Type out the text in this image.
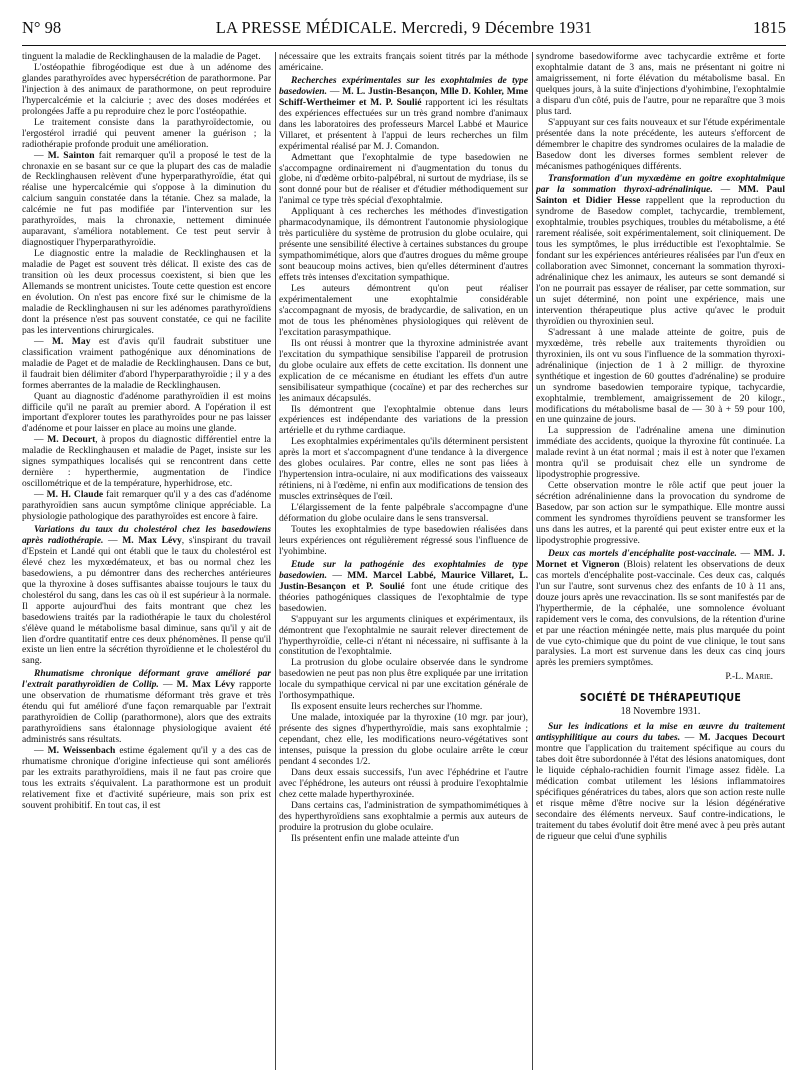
N° 98	LA PRESSE MÉDICALE. Mercredi, 9 Décembre 1931	1815

tinguent la maladie de Recklinghausen de la maladie de Paget.

L'ostéopathie fibrogéodique est due à un adénome des glandes parathyroïdes avec hypersécrétion de parathormone. Par l'injection à des animaux de parathormone, on peut reproduire l'hypercalcémie et la calciurie ; avec des doses modérées et prolongées Jaffe a pu reproduire chez le porc l'ostéopathie.

Le traitement consiste dans la parathyroïdectomie, ou l'ergostérol irradié qui peuvent amener la guérison ; la radiothérapie profonde produit une amélioration.

— M. Sainton fait remarquer qu'il a proposé le test de la chronaxie en se basant sur ce que la plupart des cas de maladie de Recklinghausen relèvent d'une hyperparathyroïdie, état qui réalise une hypercalcémie qui s'oppose à la diminution du calcium sanguin constatée dans la tétanie. Chez sa malade, la calcémie ne fut pas modifiée par l'intervention sur les parathyroïdes, mais la chronaxie, nettement diminuée auparavant, s'améliora notablement. Ce test peut servir à diagnostiquer l'hyperparathyroïdie.

Le diagnostic entre la maladie de Recklinghausen et la maladie de Paget est souvent très délicat. Il existe des cas de transition où les deux processus coexistent, si bien que les Allemands se montrent unicistes. Toute cette question est encore en évolution. On n'est pas encore fixé sur le chimisme de la maladie de Recklinghausen ni sur les adénomes parathyroïdiens dont la présence n'est pas souvent constatée, ce qui ne facilite pas les interventions chirurgicales.

— M. May est d'avis qu'il faudrait substituer une classification vraiment pathogénique aux dénominations de maladie de Paget et de maladie de Recklinghausen. Dans ce but, il faudrait bien délimiter d'abord l'hyperparathyroïdie ; il y a des formes aberrantes de la maladie de Recklinghausen.

Quant au diagnostic d'adénome parathyroïdien il est moins difficile qu'il ne paraît au premier abord. A l'opération il est important d'explorer toutes les parathyroïdes pour ne pas laisser d'adénome et pour laisser en place au moins une glande.

— M. Decourt, à propos du diagnostic différentiel entre la maladie de Recklinghausen et maladie de Paget, insiste sur les signes sympathiques localisés qui se rencontrent dans cette dernière : hyperthermie, augmentation de l'indice oscillométrique et de la température, hyperhidrose, etc.

— M. H. Claude fait remarquer qu'il y a des cas d'adénome parathyroïdien sans aucun symptôme clinique appréciable. La physiologie pathologique des parathyroïdes est encore à faire.

Variations du taux du cholestérol chez les basedowiens après radiothérapie. — M. Max Lévy, s'inspirant du travail d'Epstein et Landé qui ont établi que le taux du cholestérol est élevé chez les myxœdémateux, et bas ou normal chez les basedowiens, a pu démontrer dans des recherches antérieures que la thyroxine à doses suffisantes abaisse toujours le taux du cholestérol du sang, dans les cas où il est supérieur à la normale. Il apporte aujourd'hui des faits montrant que chez les basedowiens traités par la radiothérapie le taux du cholestérol s'élève quand le métabolisme basal diminue, sans qu'il y ait de lien d'ordre quantitatif entre ces deux phénomènes. Il pense qu'il existe un lien entre la sécrétion thyroïdienne et le cholestérol du sang.

Rhumatisme chronique déformant grave amélioré par l'extrait parathyroïdien de Collip. — M. Max Lévy rapporte une observation de rhumatisme déformant très grave et très étendu qui fut amélioré d'une façon remarquable par l'extrait parathyroïdien de Collip (parathormone), alors que des extraits parathyroïdiens sans étalonnage physiologique avaient été administrés sans résultats.

— M. Weissenbach estime également qu'il y a des cas de rhumatisme chronique d'origine infectieuse qui sont améliorés par les extraits parathyroïdiens, mais il ne faut pas croire que tous les extraits s'équivalent. La parathormone est un produit relativement fixe et d'activité supérieure, mais son prix est souvent prohibitif. En tout cas, il est

nécessaire que les extraits français soient titrés par la méthode américaine.

Recherches expérimentales sur les exophtalmies de type basedowien. — M. L. Justin-Besançon, Mlle D. Kohler, Mme Schiff-Wertheimer et M. P. Soulié rapportent ici les résultats des expériences effectuées sur un très grand nombre d'animaux dans les laboratoires des professeurs Marcel Labbé et Maurice Villaret, et présentent à l'appui de leurs recherches un film expérimental réalisé par M. J. Comandon.

Admettant que l'exophtalmie de type basedowien ne s'accompagne ordinairement ni d'augmentation du tonus du globe, ni d'œdème orbito-palpébral, ni surtout de mydriase, ils se sont donné pour but de réaliser et d'étudier méthodiquement sur l'animal ce type très spécial d'exophtalmie.

Appliquant à ces recherches les méthodes d'investigation pharmacodynamique, ils démontrent l'autonomie physiologique très particulière du système de protrusion du globe oculaire, qui présente une sensibilité élective à certaines substances du groupe sympathomimétique, alors que d'autres drogues du même groupe sont beaucoup moins actives, bien qu'elles déterminent d'autres effets très intenses d'excitation sympathique.

Les auteurs démontrent qu'on peut réaliser expérimentalement une exophtalmie considérable s'accompagnant de myosis, de bradycardie, de salivation, en un mot de tous les phénomènes physiologiques qui relèvent de l'excitation parasympathique.

Ils ont réussi à montrer que la thyroxine administrée avant l'excitation du sympathique sensibilise l'appareil de protrusion du globe oculaire aux effets de cette excitation. Ils donnent une explication de ce mécanisme en étudiant les effets d'un autre sensibilisateur sympathique (cocaïne) et par des recherches sur les animaux décapsulés.

Ils démontrent que l'exophtalmie obtenue dans leurs expériences est indépendante des variations de la pression artérielle et du rythme cardiaque.

Les exophtalmies expérimentales qu'ils déterminent persistent après la mort et s'accompagnent d'une tendance à la divergence des globes oculaires. Par contre, elles ne sont pas liées à l'hypertension intra-oculaire, ni aux modifications des vaisseaux rétiniens, ni à l'œdème, ni enfin aux modifications de tension des muscles extrinsèques de l'œil.

L'élargissement de la fente palpébrale s'accompagne d'une déformation du globe oculaire dans le sens transversal.

Toutes les exophtalmies de type basedowien réalisées dans leurs expériences ont régulièrement régressé sous l'influence de l'yohimbine.

Etude sur la pathogénie des exophtalmies de type basedowien. — MM. Marcel Labbé, Maurice Villaret, L. Justin-Besançon et P. Soulié font une étude critique des théories pathogéniques classiques de l'exophtalmie de type basedowien.

S'appuyant sur les arguments cliniques et expérimentaux, ils démontrent que l'exophtalmie ne saurait relever directement de l'hyperthyroïdie, celle-ci n'étant ni nécessaire, ni suffisante à la constitution de l'exophtalmie.

La protrusion du globe oculaire observée dans le syndrome basedowien ne peut pas non plus être expliquée par une irritation locale du sympathique cervical ni par une excitation générale de l'orthosympathique.

Ils exposent ensuite leurs recherches sur l'homme.

Une malade, intoxiquée par la thyroxine (10 mgr. par jour), présente des signes d'hyperthyroïdie, mais sans exophtalmie ; cependant, chez elle, les modifications neuro-végétatives sont intenses, puisque la pression du globe oculaire arrête le cœur pendant 4 secondes 1/2.

Dans deux essais successifs, l'un avec l'éphédrine et l'autre avec l'éphédrone, les auteurs ont réussi à produire l'exophtalmie chez cette malade hyperthyroxinée.

Dans certains cas, l'administration de sympathomimétiques à des hyperthyroïdiens sans exophtalmie a permis aux auteurs de produire la protrusion du globe oculaire.

Ils présentent enfin une malade atteinte d'un

syndrome basedowiforme avec tachycardie extrême et forte exophtalmie datant de 3 ans, mais ne présentant ni goitre ni amaigrissement, ni forte élévation du métabolisme basal. En quelques jours, à la suite d'injections d'yohimbine, l'exophtalmie a disparu d'un côté, puis de l'autre, pour ne reparaître que 3 mois plus tard.

S'appuyant sur ces faits nouveaux et sur l'étude expérimentale présentée dans la note précédente, les auteurs s'efforcent de démembrer le chapitre des syndromes oculaires de la maladie de Basedow dont les diverses formes semblent relever de mécanismes pathogéniques différents.

Transformation d'un myxœdème en goitre exophtalmique par la sommation thyroxi-adrénalinique. — MM. Paul Sainton et Didier Hesse rappellent que la reproduction du syndrome de Basedow complet, tachycardie, tremblement, exophtalmie, troubles psychiques, troubles du métabolisme, a été rarement réalisée, soit expérimentalement, soit cliniquement. De tous les symptômes, le plus irréductible est l'exophtalmie. Se fondant sur les expériences antérieures réalisées par l'un d'eux en collaboration avec Simonnet, concernant la sommation thyroxi-adrénalinique chez les animaux, les auteurs se sont demandé si l'on ne pourrait pas essayer de réaliser, par cette sommation, sur un sujet déterminé, non point une expérience, mais une intervention thérapeutique plus active qu'avec le produit thyroïdien ou thyroxinien seul.

S'adressant à une malade atteinte de goitre, puis de myxœdème, très rebelle aux traitements thyroïdien ou thyroxinien, ils ont vu sous l'influence de la sommation thyroxi-adrénalinique (injection de 1 à 2 milligr. de thyroxine synthétique et ingestion de 60 gouttes d'adrénaline) se produire un syndrome basedowien temporaire typique, tachycardie, exophtalmie, tremblement, amaigrissement de 20 kilogr., modifications du métabolisme basal de — 30 à + 59 pour 100, en une quinzaine de jours.

La suppression de l'adrénaline amena une diminution immédiate des accidents, quoique la thyroxine fût continuée. La malade revint à un état normal ; mais il est à noter que l'examen montra qu'il se produisait chez elle un syndrome de lipodystrophie progressive.

Cette observation montre le rôle actif que peut jouer la sécrétion adrénalinienne dans la provocation du syndrome de Basedow, par son action sur le sympathique. Elle montre aussi comment les syndromes thyroïdiens peuvent se transformer les uns dans les autres, et la parenté qui peut exister entre eux et la lipodystrophie progressive.

Deux cas mortels d'encéphalite post-vaccinale. — MM. J. Mornet et Vigneron (Blois) relatent les observations de deux cas mortels d'encéphalite post-vaccinale. Ces deux cas, calqués l'un sur l'autre, sont survenus chez des enfants de 10 à 11 ans, douze jours après une revaccination. Ils se sont manifestés par de l'hyperthermie, de la céphalée, une somnolence évoluant rapidement vers le coma, des convulsions, de la rétention d'urine et par une réaction méningée nette, mais plus marquée du point de vue cyto-chimique que du point de vue clinique, le tout sans paralysies. La mort est survenue dans les deux cas cinq jours après les premiers symptômes.

P.-L. Marie.
SOCIÉTÉ DE THÉRAPEUTIQUE
18 Novembre 1931.

Sur les indications et la mise en œuvre du traitement antisyphilitique au cours du tabes. — M. Jacques Decourt montre que l'application du traitement spécifique au cours du tabes doit être subordonnée à l'état des lésions anatomiques, dont le liquide céphalo-rachidien fournit l'image assez fidèle. La médication combat utilement les lésions inflammatoires spécifiques génératrices du tabes, alors que son action reste nulle et risque même d'être nocive sur la lésion dégénérative secondaire des éléments nerveux. Sauf contre-indications, le traitement du tabes évolutif doit être mené avec à peu près autant de rigueur que celui d'une syphilis
